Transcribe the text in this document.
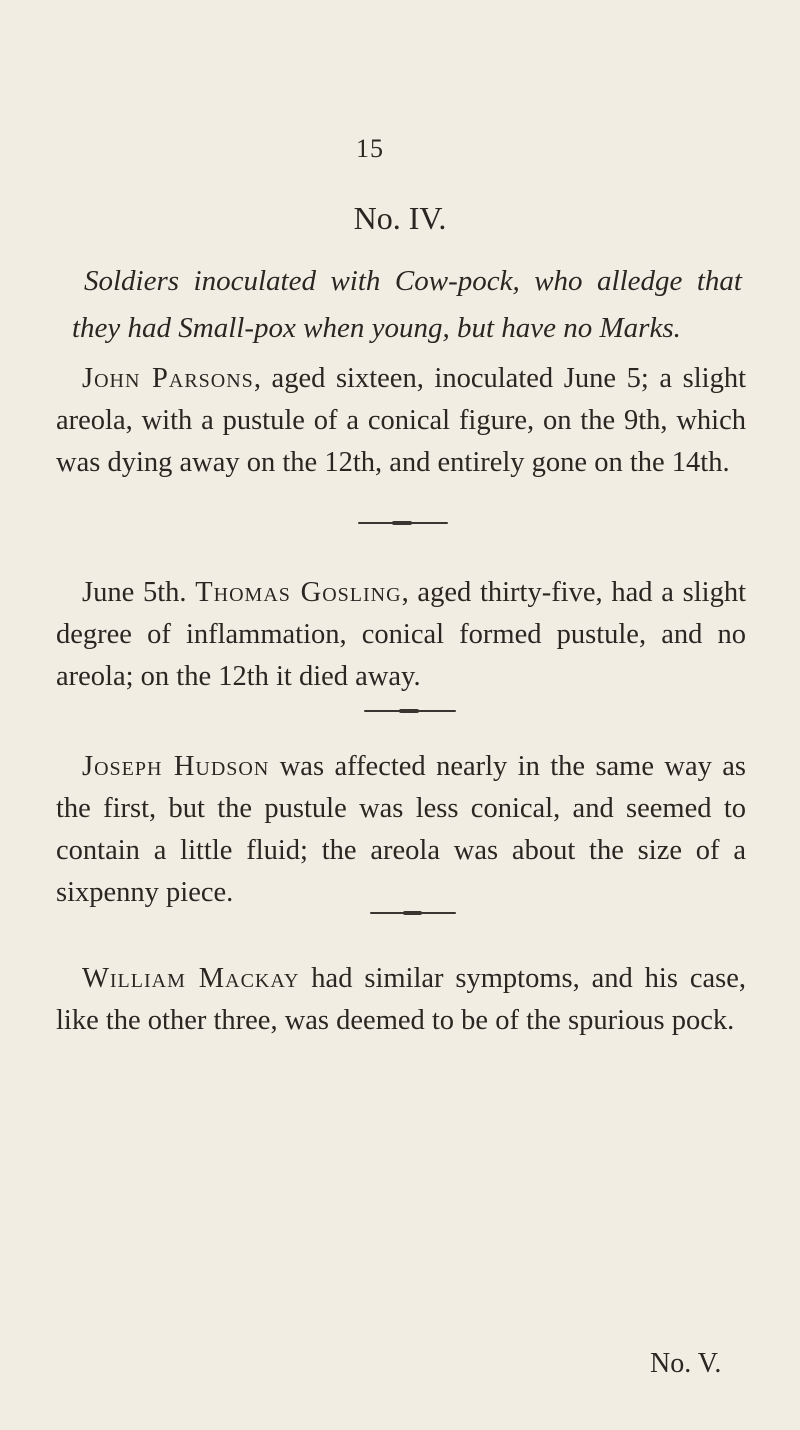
15
No. IV.
Soldiers inoculated with Cow-pock, who alledge that they had Small-pox when young, but have no Marks.
John Parsons, aged sixteen, inoculated June 5; a slight areola, with a pustule of a conical figure, on the 9th, which was dying away on the 12th, and entirely gone on the 14th.
June 5th. Thomas Gosling, aged thirty-five, had a slight degree of inflammation, conical formed pustule, and no areola; on the 12th it died away.
Joseph Hudson was affected nearly in the same way as the first, but the pustule was less conical, and seemed to contain a little fluid; the areola was about the size of a sixpenny piece.
William Mackay had similar symptoms, and his case, like the other three, was deemed to be of the spurious pock.
No. V.
